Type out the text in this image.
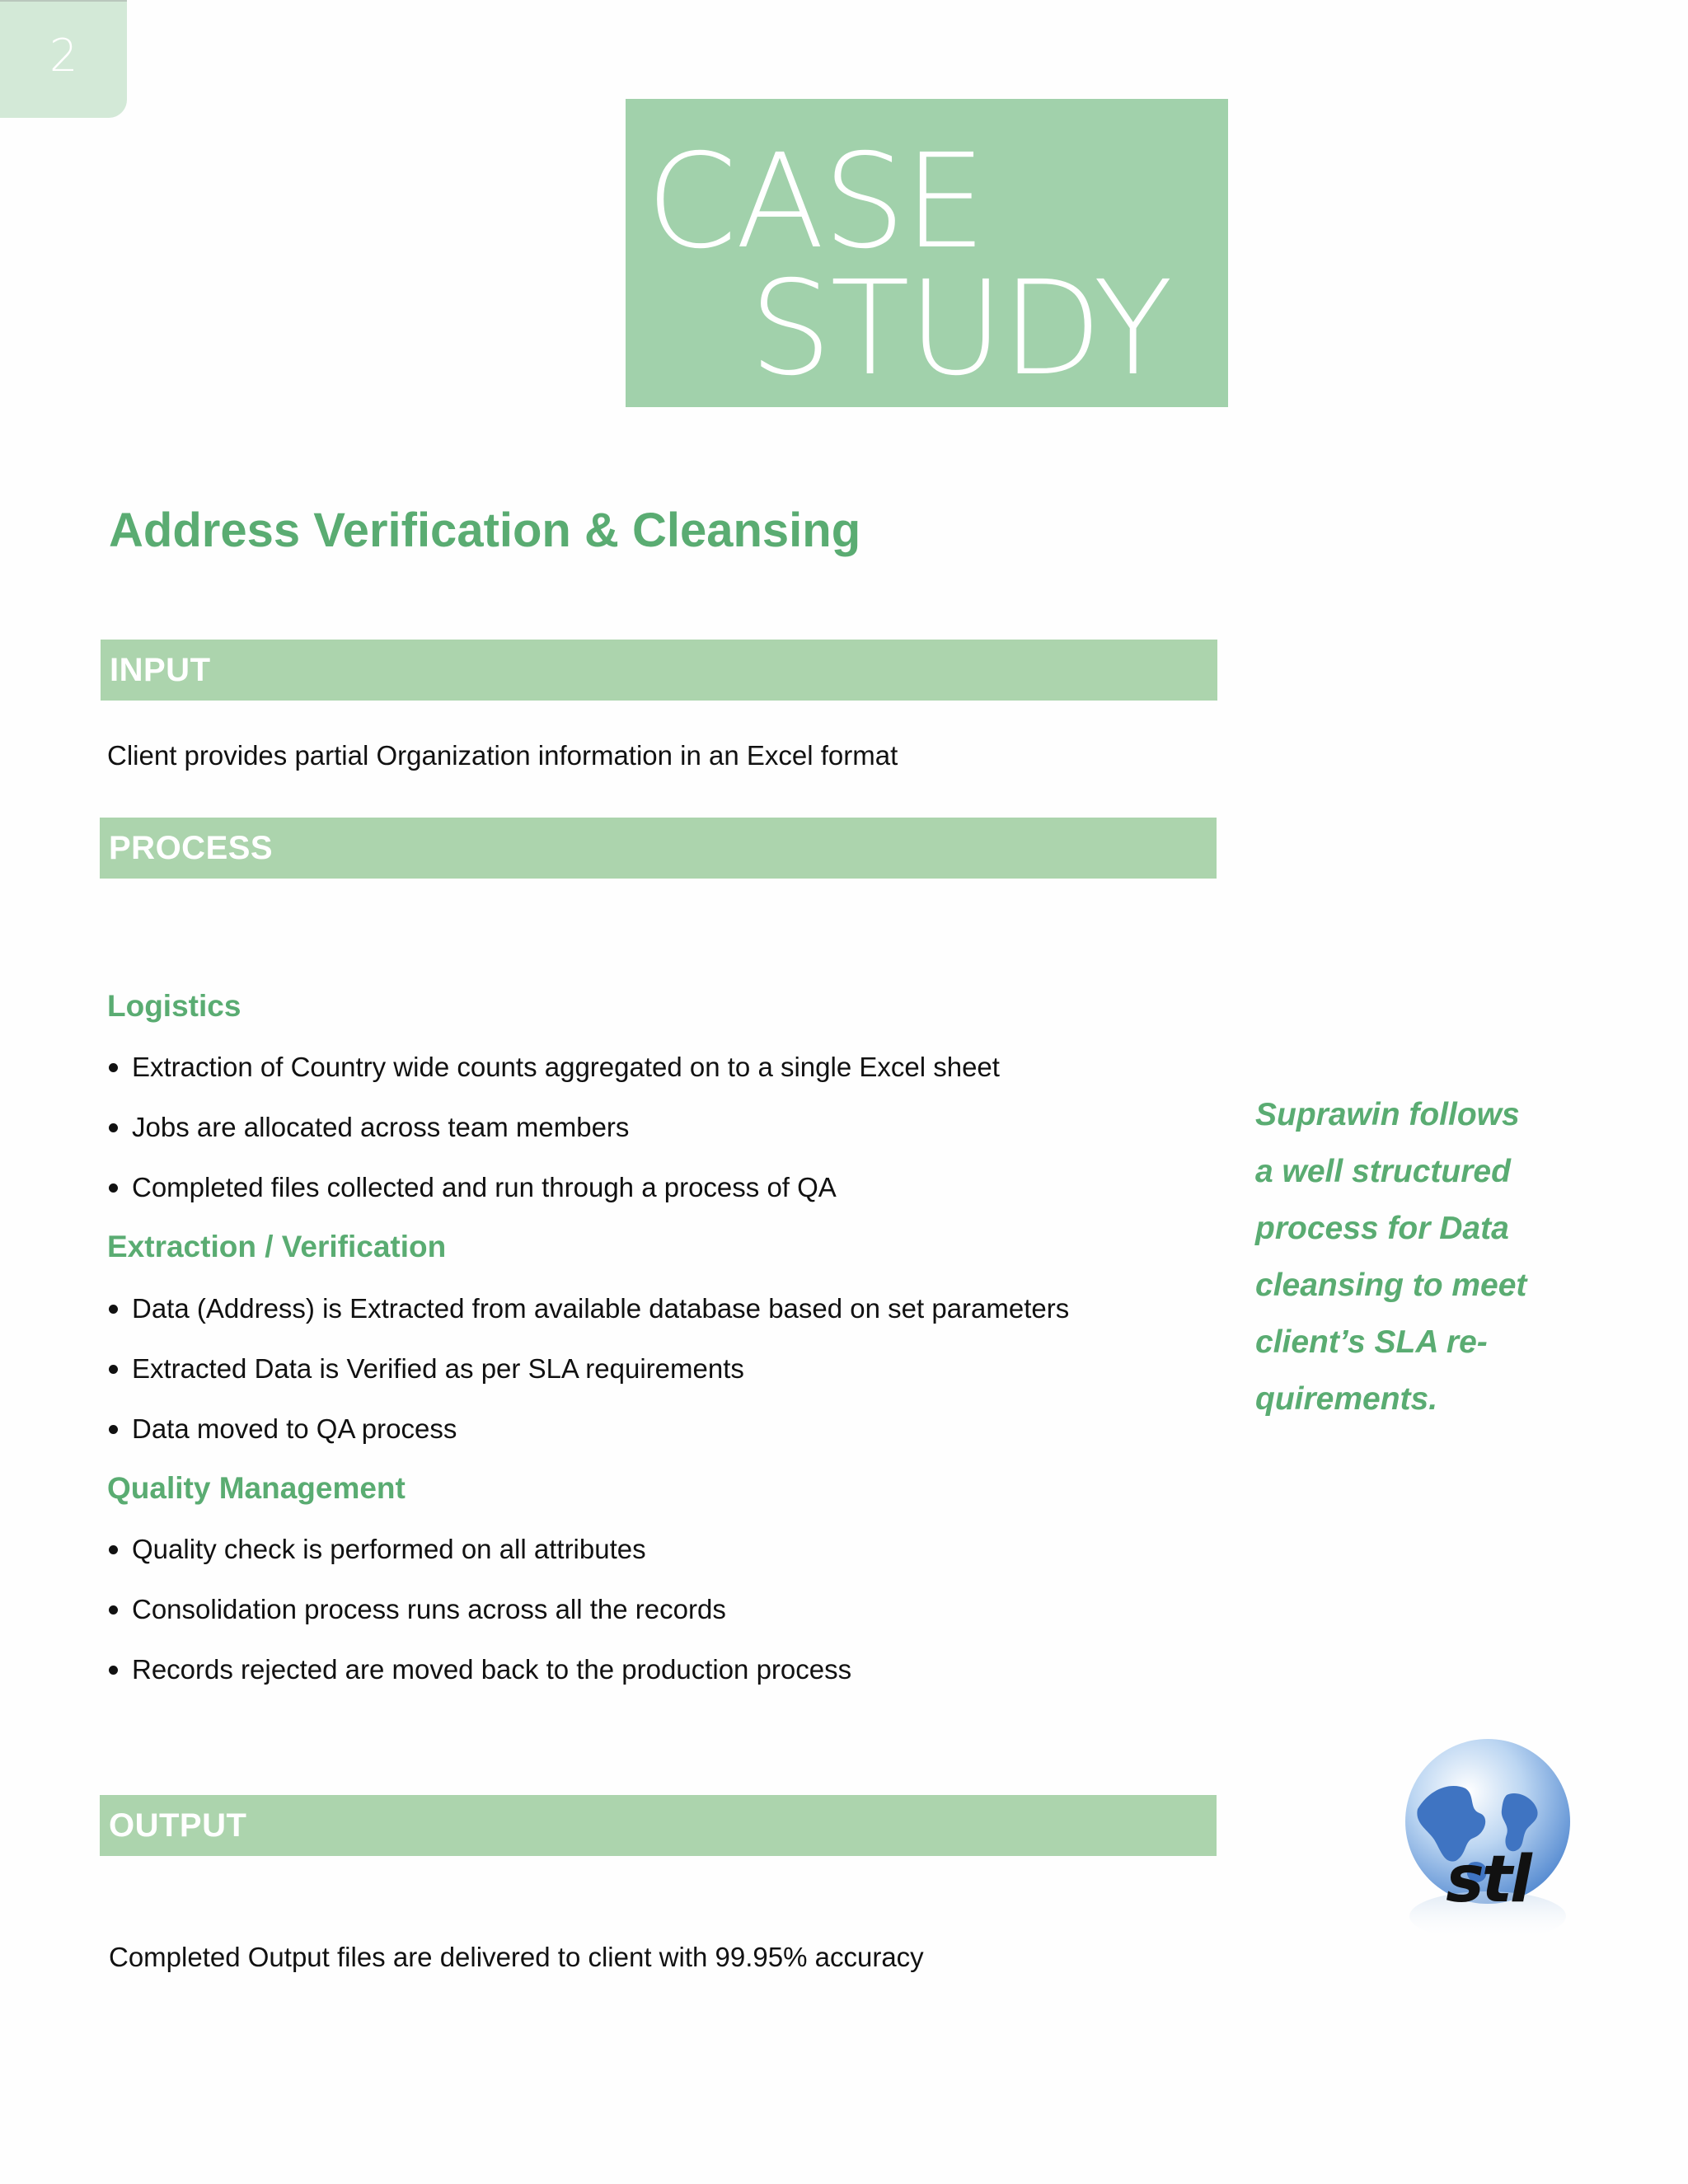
2
CASE
STUDY
Address Verification & Cleansing
INPUT
Client provides partial Organization information in an Excel format
PROCESS
Logistics
Extraction of Country wide counts aggregated on to a single Excel sheet
Jobs are allocated across team members
Completed files collected and run through a process of QA
Extraction / Verification
Data (Address) is Extracted from available database based on set parameters
Extracted Data is Verified as per SLA requirements
Data moved to QA process
Quality Management
Quality check is performed on all attributes
Consolidation process runs across all the records
Records rejected are moved back to the production process
Suprawin follows
a well structured
process for Data
cleansing to meet
client’s SLA re-
quirements.
OUTPUT
Completed Output files are delivered to client with 99.95% accuracy
stl
